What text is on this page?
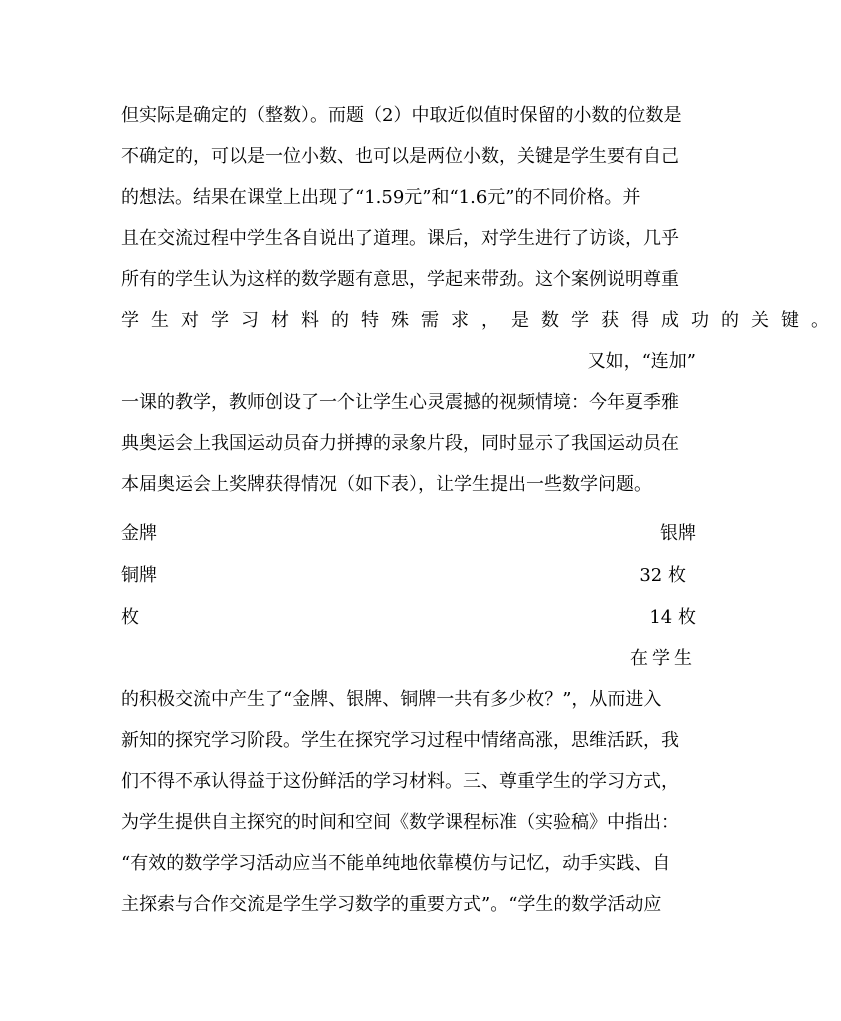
但实际是确定的（整数）。而题（2）中取近似值时保留的小数的位数是
不确定的，可以是一位小数、也可以是两位小数，关键是学生要有自己
的想法。结果在课堂上出现了“1.59元”和“1.6元”的不同价格。并
且在交流过程中学生各自说出了道理。课后，对学生进行了访谈，几乎
所有的学生认为这样的数学题有意思，学起来带劲。这个案例说明尊重
学生对学习材料的特殊需求，是数学获得成功的关键。
又如，“连加”
一课的教学，教师创设了一个让学生心灵震撼的视频情境：今年夏季雅
典奥运会上我国运动员奋力拼搏的录象片段，同时显示了我国运动员在
本届奥运会上奖牌获得情况（如下表），让学生提出一些数学问题。
金牌	银牌
铜牌	32 枚
枚	14 枚
在学生
的积极交流中产生了“金牌、银牌、铜牌一共有多少枚？”，从而进入
新知的探究学习阶段。学生在探究学习过程中情绪高涨，思维活跃，我
们不得不承认得益于这份鲜活的学习材料。三、尊重学生的学习方式，
为学生提供自主探究的时间和空间《数学课程标准（实验稿》中指出：
“有效的数学学习活动应当不能单纯地依靠模仿与记忆，动手实践、自
主探索与合作交流是学生学习数学的重要方式”。“学生的数学活动应
